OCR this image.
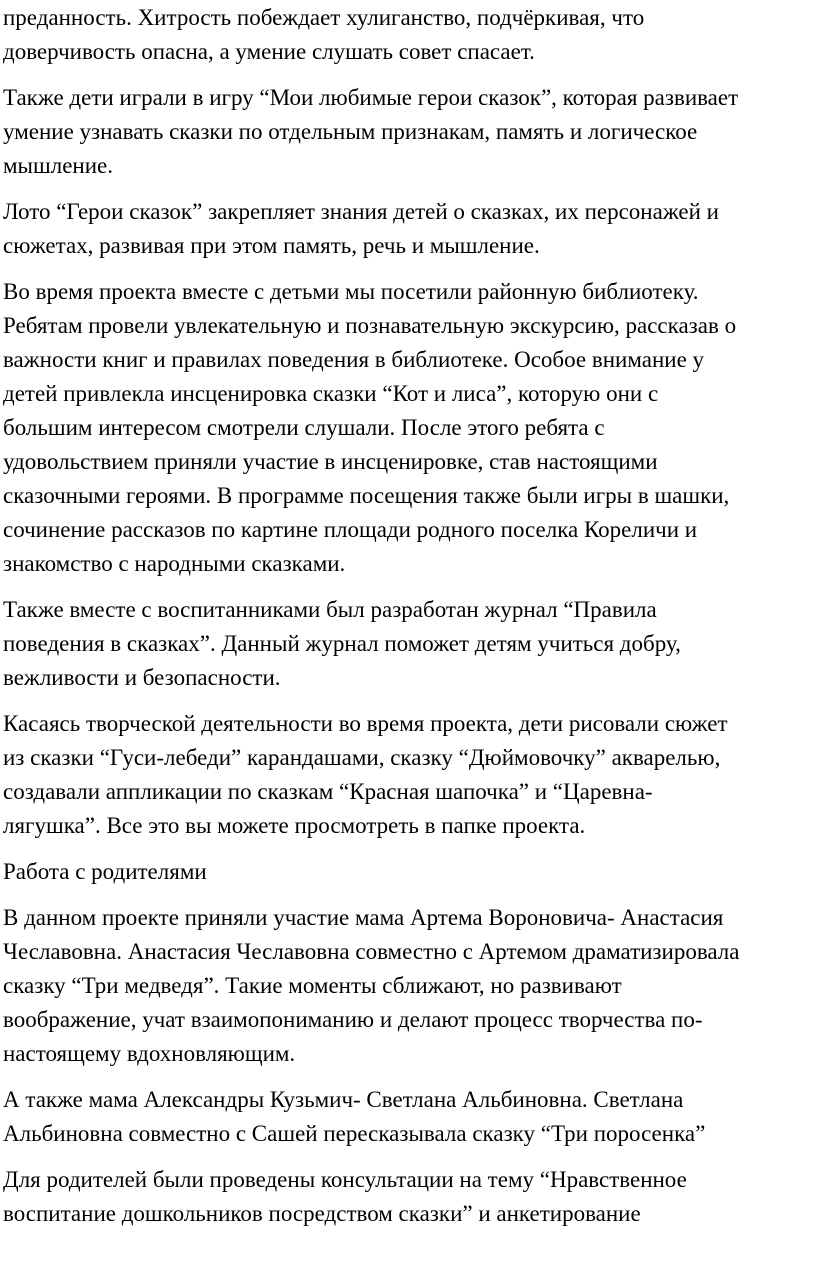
преданность. Хитрость побеждает хулиганство, подчёркивая, что
доверчивость опасна, а умение слушать совет спасает.
Также дети играли в игру “Мои любимые герои сказок”, которая развивает
умение узнавать сказки по отдельным признакам, память и логическое
мышление.
Лото “Герои сказок” закрепляет знания детей о сказках, их персонажей и
сюжетах, развивая при этом память, речь и мышление.
Во время проекта вместе с детьми мы посетили районную библиотеку.
Ребятам провели увлекательную и познавательную экскурсию, рассказав о
важности книг и правилах поведения в библиотеке. Особое внимание у
детей привлекла инсценировка сказки “Кот и лиса”, которую они с
большим интересом смотрели слушали. После этого ребята с
удовольствием приняли участие в инсценировке, став настоящими
сказочными героями. В программе посещения также были игры в шашки,
сочинение рассказов по картине площади родного поселка Кореличи и
знакомство с народными сказками.
Также вместе с воспитанниками был разработан журнал “Правила
поведения в сказках”. Данный журнал поможет детям учиться добру,
вежливости и безопасности.
Касаясь творческой деятельности во время проекта, дети рисовали сюжет
из сказки “Гуси-лебеди” карандашами, сказку “Дюймовочку” акварелью,
создавали аппликации по сказкам “Красная шапочка” и “Царевна-
лягушка”. Все это вы можете просмотреть в папке проекта.
Работа с родителями
В данном проекте приняли участие мама Артема Вороновича- Анастасия
Чеславовна. Анастасия Чеславовна совместно с Артемом драматизировала
сказку “Три медведя”. Такие моменты сближают, но развивают
воображение, учат взаимопониманию и делают процесс творчества по-
настоящему вдохновляющим.
А также мама Александры Кузьмич- Светлана Альбиновна. Светлана
Альбиновна совместно с Сашей пересказывала сказку “Три поросенка”
Для родителей были проведены консультации на тему “Нравственное
воспитание дошкольников посредством сказки” и анкетирование
